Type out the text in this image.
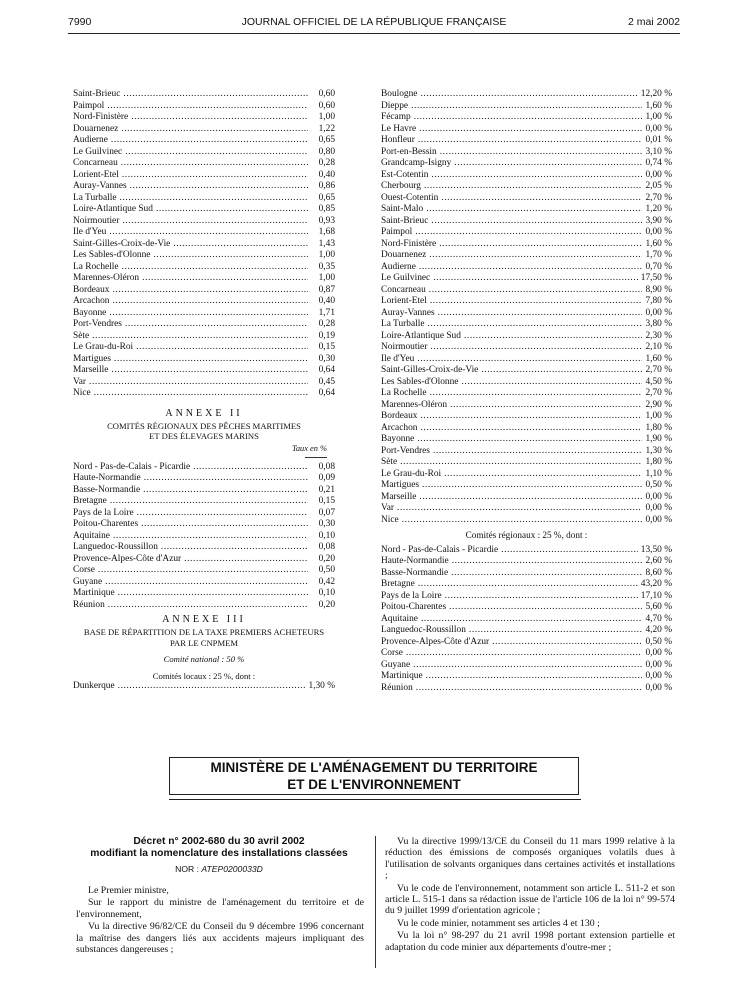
7990	JOURNAL OFFICIEL DE LA RÉPUBLIQUE FRANÇAISE	2 mai 2002
Saint-Brieuc .....	0,60
Paimpol .....	0,60
Nord-Finistère .....	1,00
Douarnenez .....	1,22
Audierne .....	0,65
Le Guilvinec .....	0,80
Concarneau .....	0,28
Lorient-Etel .....	0,40
Auray-Vannes .....	0,86
La Turballe .....	0,65
Loire-Atlantique Sud .....	0,85
Noirmoutier .....	0,93
Ile d'Yeu .....	1,68
Saint-Gilles-Croix-de-Vie .....	1,43
Les Sables-d'Olonne .....	1,00
La Rochelle .....	0,35
Marennes-Oléron .....	1,00
Bordeaux .....	0,87
Arcachon .....	0,40
Bayonne .....	1,71
Port-Vendres .....	0,28
Sète .....	0,19
Le Grau-du-Roi .....	0,15
Martigues .....	0,30
Marseille .....	0,64
Var .....	0,45
Nice .....	0,64
ANNEXE II
COMITÉS RÉGIONAUX DES PÊCHES MARITIMES
ET DES ÉLEVAGES MARINS
Taux en %
Nord - Pas-de-Calais - Picardie .....	0,08
Haute-Normandie .....	0,09
Basse-Normandie .....	0,21
Bretagne .....	0,15
Pays de la Loire .....	0,07
Poitou-Charentes .....	0,30
Aquitaine .....	0,10
Languedoc-Roussillon .....	0,08
Provence-Alpes-Côte d'Azur .....	0,20
Corse .....	0,50
Guyane .....	0,42
Martinique .....	0,10
Réunion .....	0,20
ANNEXE III
BASE DE RÉPARTITION DE LA TAXE PREMIERS ACHETEURS
PAR LE CNPMEM
Comité national : 50 %
Comités locaux : 25 %, dont :
Dunkerque .....	1,30 %
Boulogne .....	12,20 %
Dieppe .....	1,60 %
Fécamp .....	1,00 %
Le Havre .....	0,00 %
Honfleur .....	0,01 %
Port-en-Bessin .....	3,10 %
Grandcamp-Isigny .....	0,74 %
Est-Cotentin .....	0,00 %
Cherbourg .....	2,05 %
Ouest-Cotentin .....	2,70 %
Saint-Malo .....	1,20 %
Saint-Brieuc .....	3,90 %
Paimpol .....	0,00 %
Nord-Finistère .....	1,60 %
Douarnenez .....	1,70 %
Audierne .....	0,70 %
Le Guilvinec .....	17,50 %
Concarneau .....	8,90 %
Lorient-Etel .....	7,80 %
Auray-Vannes .....	0,00 %
La Turballe .....	3,80 %
Loire-Atlantique Sud .....	2,30 %
Noirmoutier .....	2,10 %
Ile d'Yeu .....	1,60 %
Saint-Gilles-Croix-de-Vie .....	2,70 %
Les Sables-d'Olonne .....	4,50 %
La Rochelle .....	2,70 %
Marennes-Oléron .....	2,90 %
Bordeaux .....	1,00 %
Arcachon .....	1,80 %
Bayonne .....	1,90 %
Port-Vendres .....	1,30 %
Sète .....	1,80 %
Le Grau-du-Roi .....	1,10 %
Martigues .....	0,50 %
Marseille .....	0,00 %
Var .....	0,00 %
Nice .....	0,00 %
Comités régionaux : 25 %, dont :
Nord - Pas-de-Calais - Picardie .....	13,50 %
Haute-Normandie .....	2,60 %
Basse-Normandie .....	8,60 %
Bretagne .....	43,20 %
Pays de la Loire .....	17,10 %
Poitou-Charentes .....	5,60 %
Aquitaine .....	4,70 %
Languedoc-Roussillon .....	4,20 %
Provence-Alpes-Côte d'Azur .....	0,50 %
Corse .....	0,00 %
Guyane .....	0,00 %
Martinique .....	0,00 %
Réunion .....	0,00 %
MINISTÈRE DE L'AMÉNAGEMENT DU TERRITOIRE
ET DE L'ENVIRONNEMENT
Décret n° 2002-680 du 30 avril 2002
modifiant la nomenclature des installations classées
NOR : ATEP0200033D

Le Premier ministre,

Sur le rapport du ministre de l'aménagement du territoire et de l'environnement,

Vu la directive 96/82/CE du Conseil du 9 décembre 1996 concernant la maîtrise des dangers liés aux accidents majeurs impliquant des substances dangereuses ;

Vu la directive 1999/13/CE du Conseil du 11 mars 1999 relative à la réduction des émissions de composés organiques volatils dues à l'utilisation de solvants organiques dans certaines activités et installations ;

Vu le code de l'environnement, notamment son article L. 511-2 et son article L. 515-1 dans sa rédaction issue de l'article 106 de la loi n° 99-574 du 9 juillet 1999 d'orientation agricole ;

Vu le code minier, notamment ses articles 4 et 130 ;

Vu la loi n° 98-297 du 21 avril 1998 portant extension partielle et adaptation du code minier aux départements d'outre-mer ;
